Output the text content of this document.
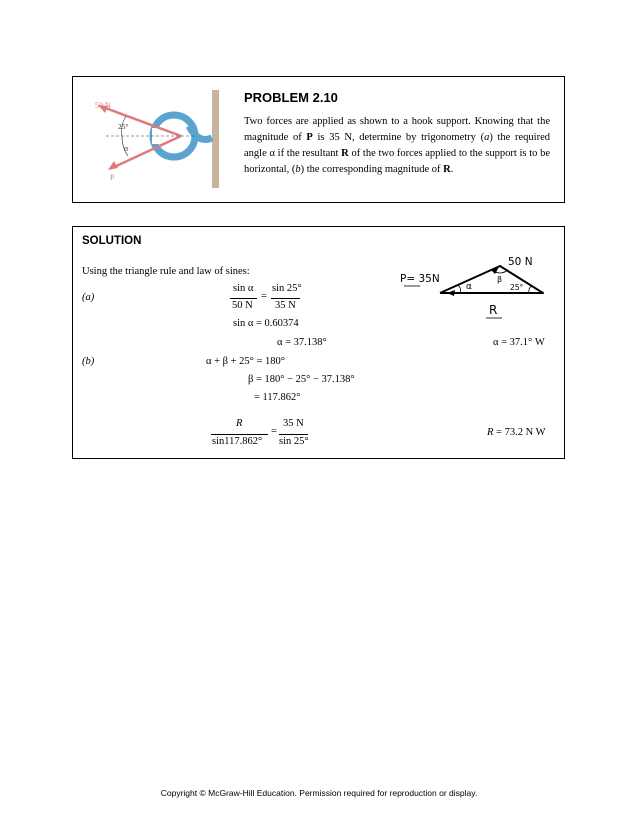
50 N
25°
α
P
PROBLEM 2.10
Two forces are applied as shown to a hook support. Knowing that the magnitude of P is 35 N, determine by trigonometry (a) the required angle α if the resultant R of the two forces applied to the support is to be horizontal, (b) the corresponding magnitude of R.
SOLUTION
Using the triangle rule and law of sines:
(a)
sin α
50 N
=
sin 25°
35 N
sin α = 0.60374
α = 37.138°	α = 37.1° W
(b)	α + β + 25° = 180°
β = 180° − 25° − 37.138°
= 117.862°
R
sin117.862°
=
35 N
sin 25°
R = 73.2 N W
50 N
P= 35N
α
β
25°
R
Copyright © McGraw-Hill Education. Permission required for reproduction or display.
